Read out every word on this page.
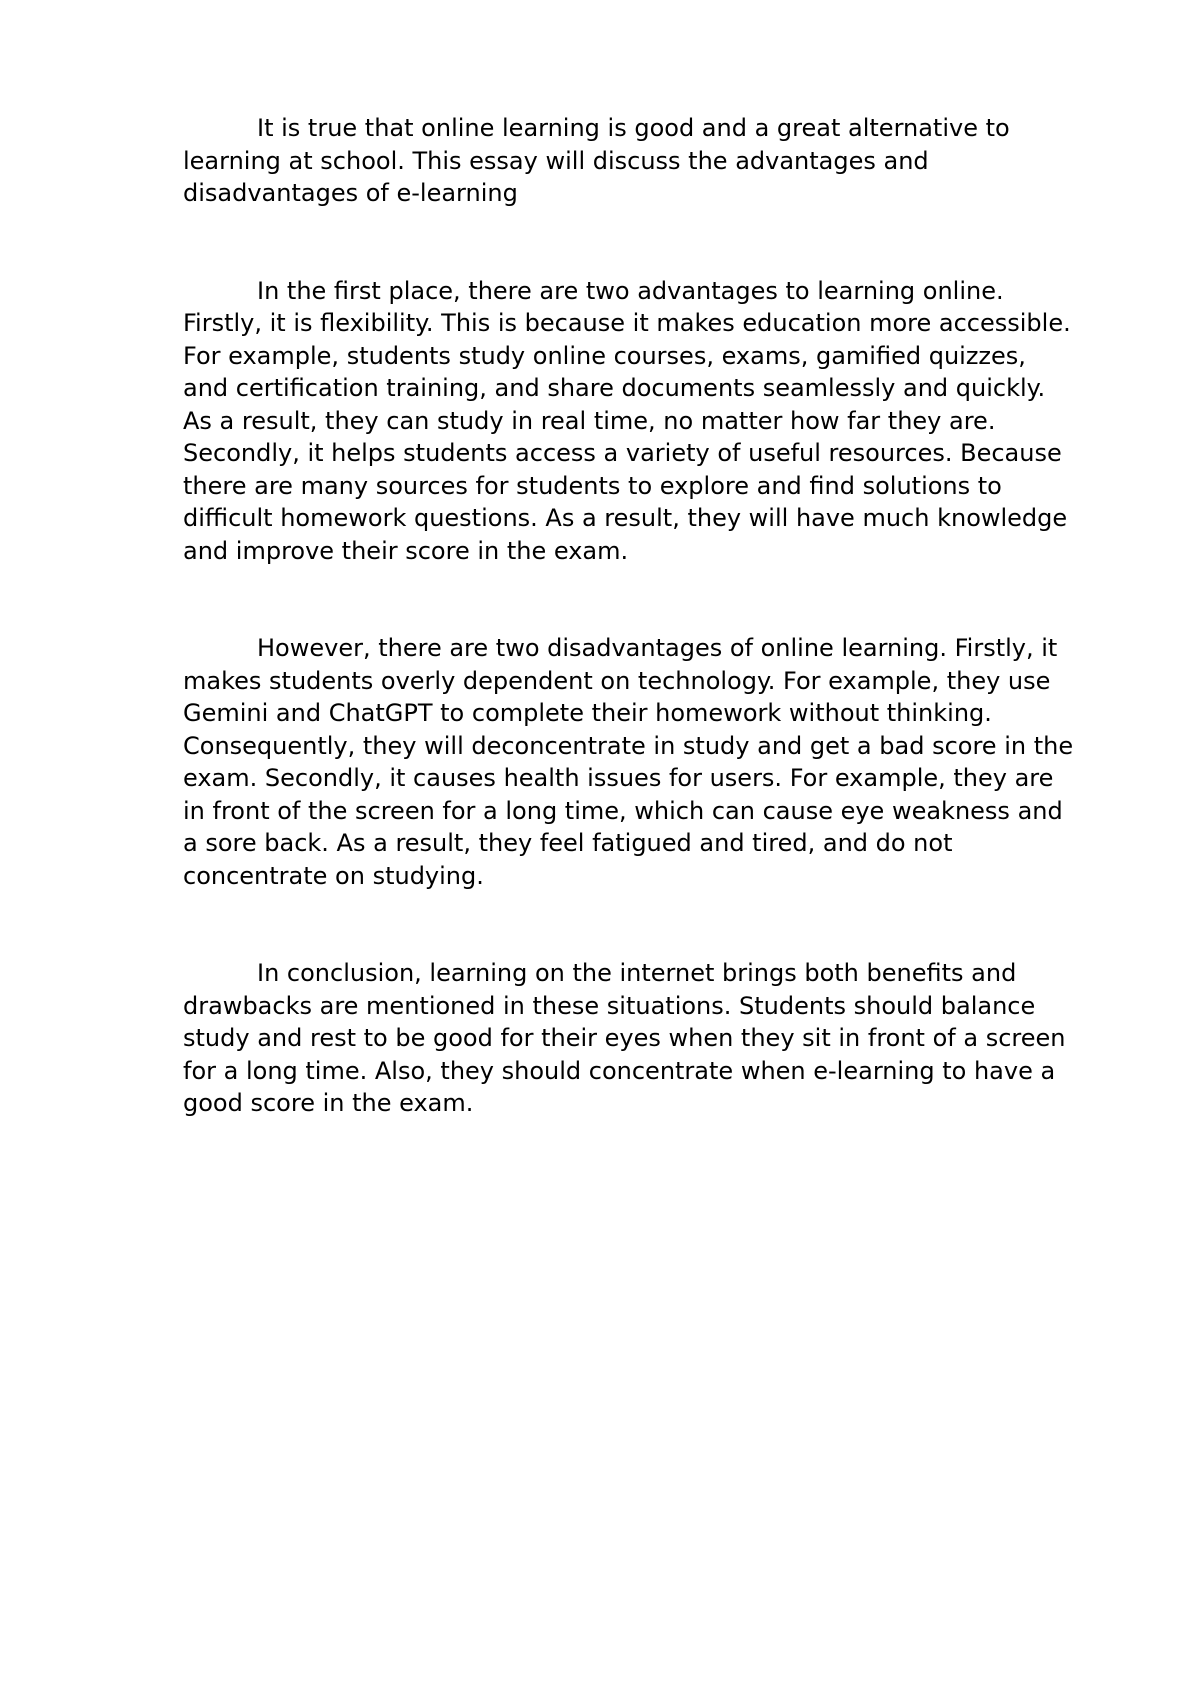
It is true that online learning is good and a great alternative to learning at school. This essay will discuss the advantages and disadvantages of e-learning

In the first place, there are two advantages to learning online. Firstly, it is flexibility. This is because it makes education more accessible. For example, students study online courses, exams, gamified quizzes, and certification training, and share documents seamlessly and quickly. As a result, they can study in real time, no matter how far they are. Secondly, it helps students access a variety of useful resources. Because there are many sources for students to explore and find solutions to difficult homework questions. As a result, they will have much knowledge and improve their score in the exam.

However, there are two disadvantages of online learning. Firstly, it makes students overly dependent on technology. For example, they use Gemini and ChatGPT to complete their homework without thinking. Consequently, they will deconcentrate in study and get a bad score in the exam. Secondly, it causes health issues for users. For example, they are in front of the screen for a long time, which can cause eye weakness and a sore back. As a result, they feel fatigued and tired, and do not concentrate on studying.

In conclusion, learning on the internet brings both benefits and drawbacks are mentioned in these situations. Students should balance study and rest to be good for their eyes when they sit in front of a screen for a long time. Also, they should concentrate when e-learning to have a good score in the exam.
